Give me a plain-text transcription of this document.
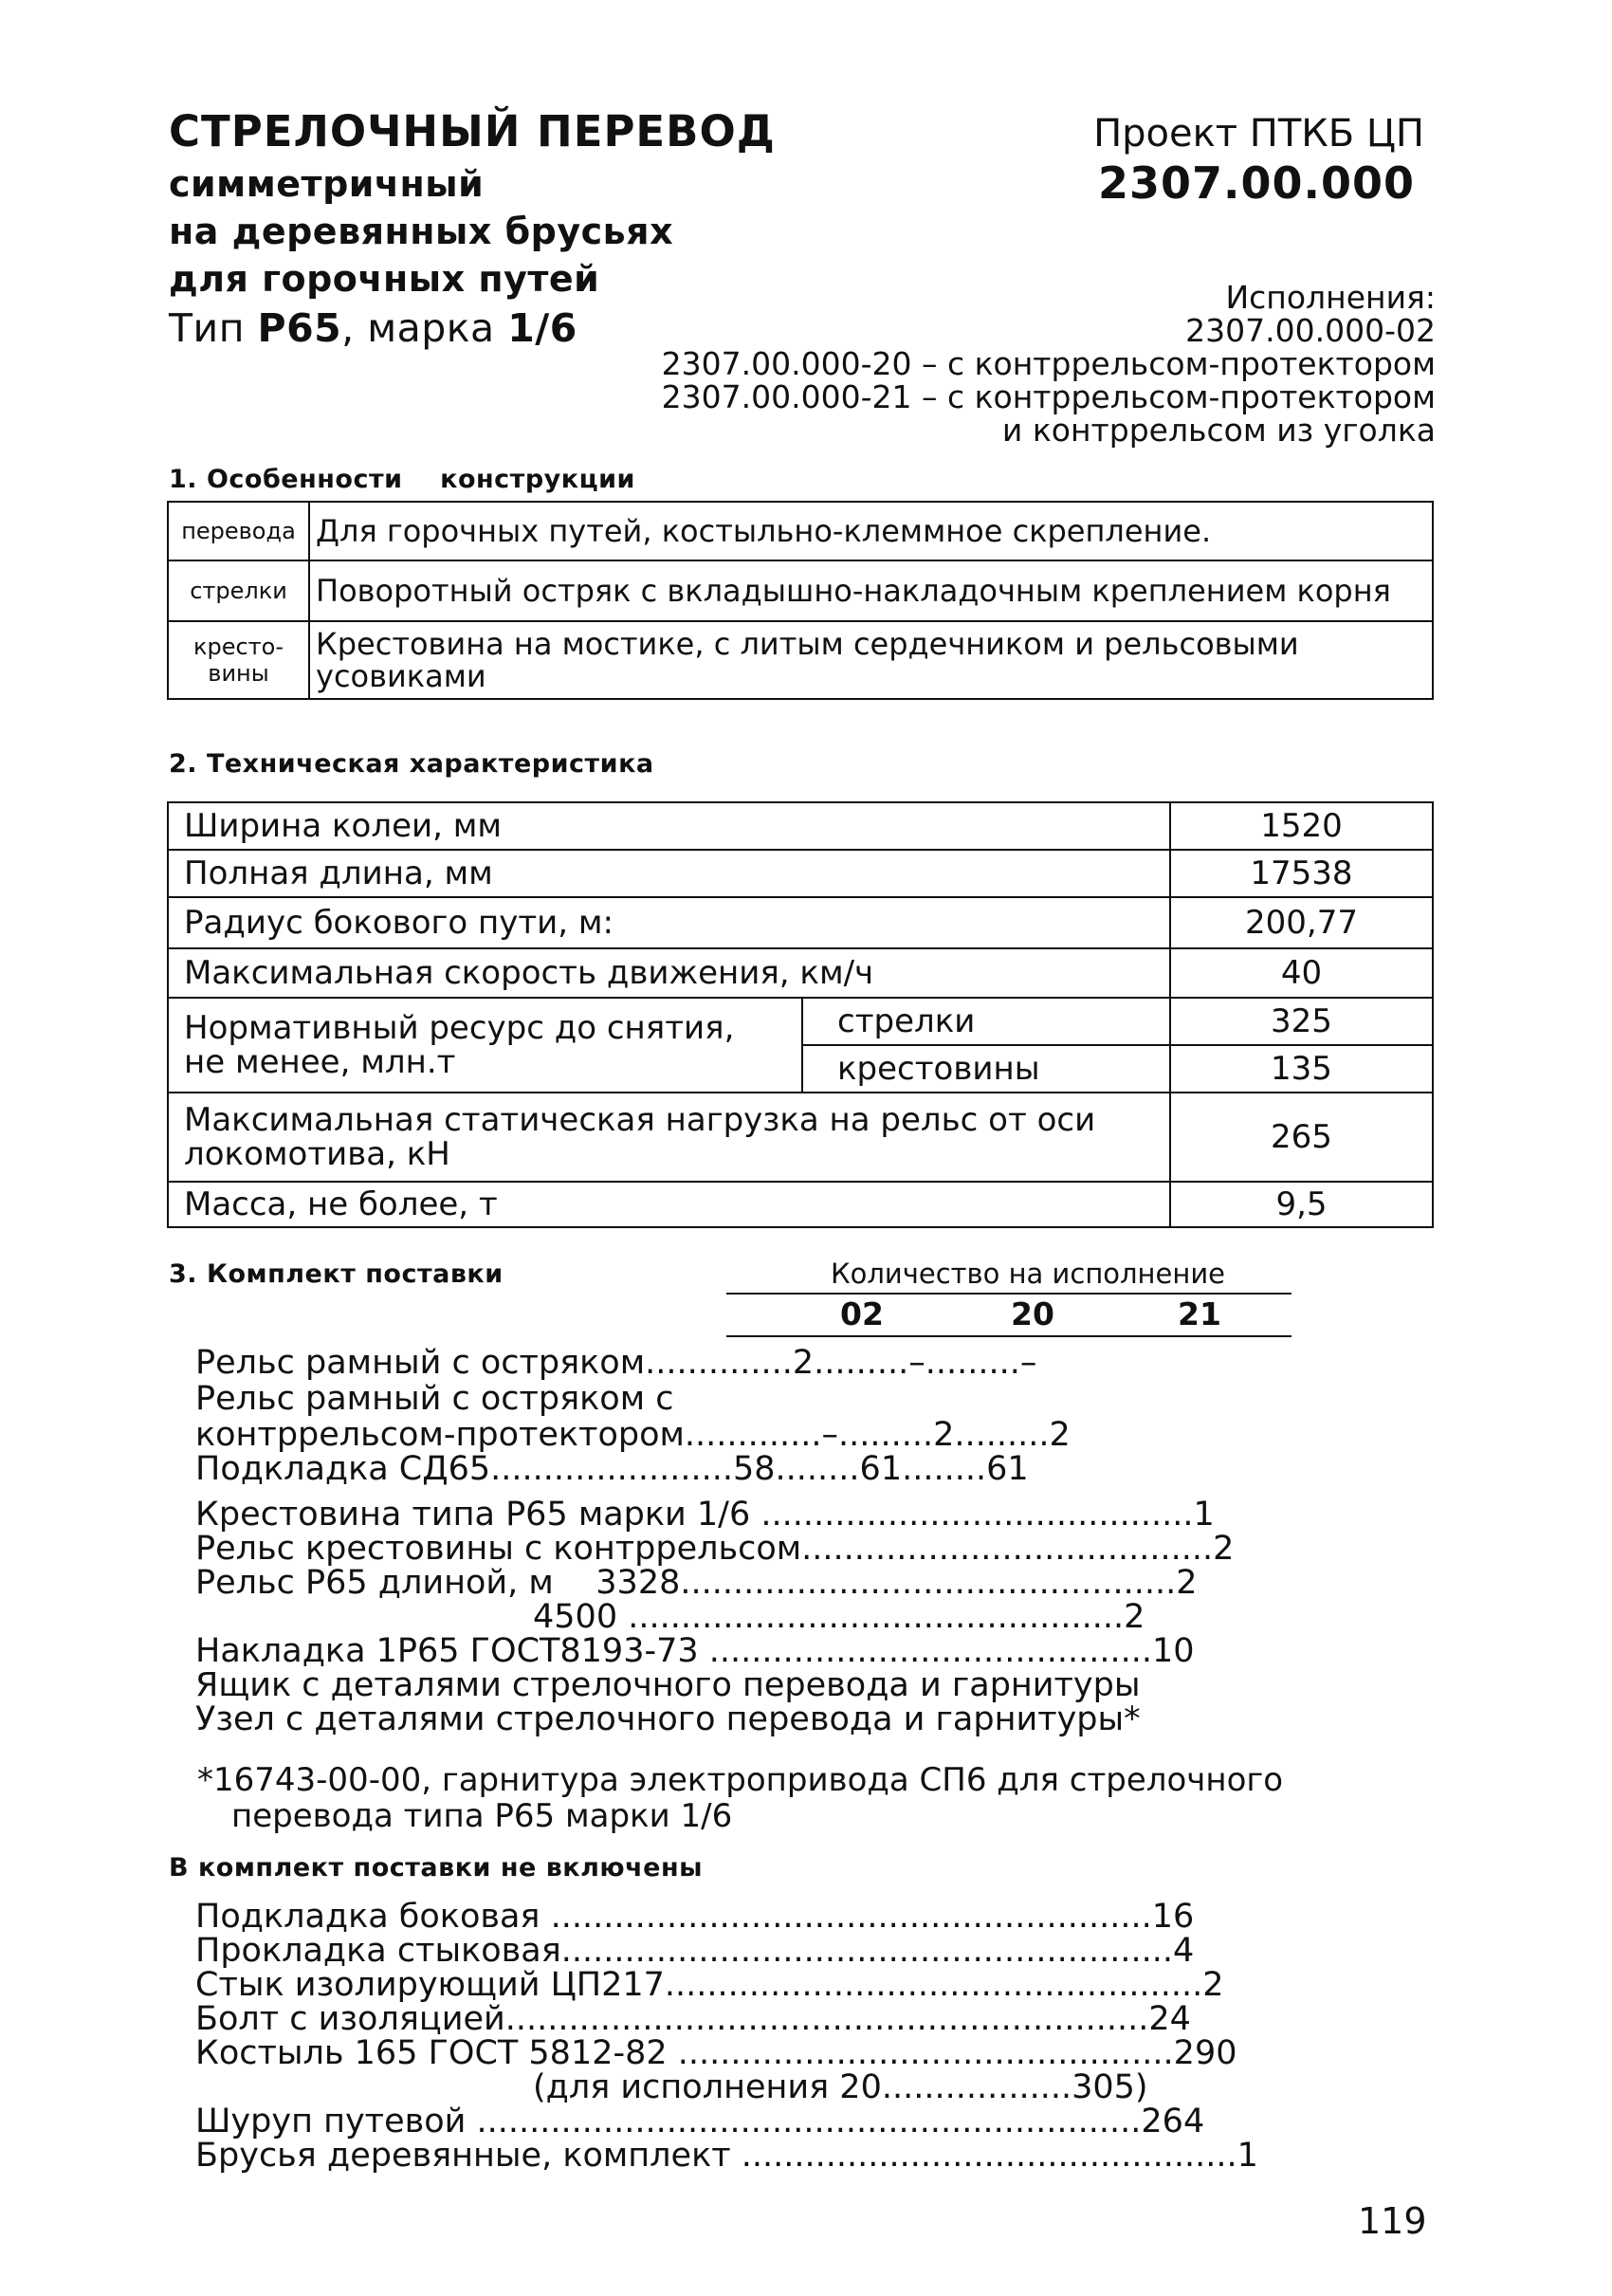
СТРЕЛОЧНЫЙ ПЕРЕВОД
симметричный
на деревянных брусьях
для горочных путей
Тип Р65, марка 1/6
Проект ПТКБ ЦП
2307.00.000
Исполнения:
2307.00.000-02
2307.00.000-20 – с контррельсом-протектором
2307.00.000-21 – с контррельсом-протектором
и контррельсом из уголка
1. Особенности    конструкции
перевода	Для горочных путей, костыльно-клеммное скрепление.
стрелки	Поворотный остряк с вкладышно-накладочным креплением корня
кресто-
вины	Крестовина на мостике, с литым сердечником и рельсовыми
усовиками
2. Техническая характеристика
Ширина колеи, мм		1520
Полная длина, мм		17538
Радиус бокового пути, м:		200,77
Максимальная скорость движения, км/ч		40
Нормативный ресурс до снятия,
не менее, млн.т	стрелки	325
	крестовины	135
Максимальная статическая нагрузка на рельс от оси
локомотива, кН		265
Масса, не более, т		9,5
3. Комплект поставки	Количество на исполнение
02	20	21
Рельс рамный с остряком..............2.........–.........–
Рельс рамный с остряком с
контррельсом-протектором.............–.........2.........2
Подкладка СД65.......................58........61........61
Крестовина типа Р65 марки 1/6 .........................................1
Рельс крестовины с контррельсом.......................................2
Рельс Р65 длиной, м    3328...............................................2
4500 ...............................................2
Накладка 1Р65 ГОСТ8193-73 ..........................................10
Ящик с деталями стрелочного перевода и гарнитуры
Узел с деталями стрелочного перевода и гарнитуры*
*16743-00-00, гарнитура электропривода СП6 для стрелочного
перевода типа Р65 марки 1/6
В комплект поставки не включены
Подкладка боковая .........................................................16
Прокладка стыковая..........................................................4
Стык изолирующий ЦП217...................................................2
Болт с изоляцией.............................................................24
Костыль 165 ГОСТ 5812-82 ...............................................290
(для исполнения 20..................305)
Шуруп путевой ...............................................................264
Брусья деревянные, комплект ...............................................1
119
